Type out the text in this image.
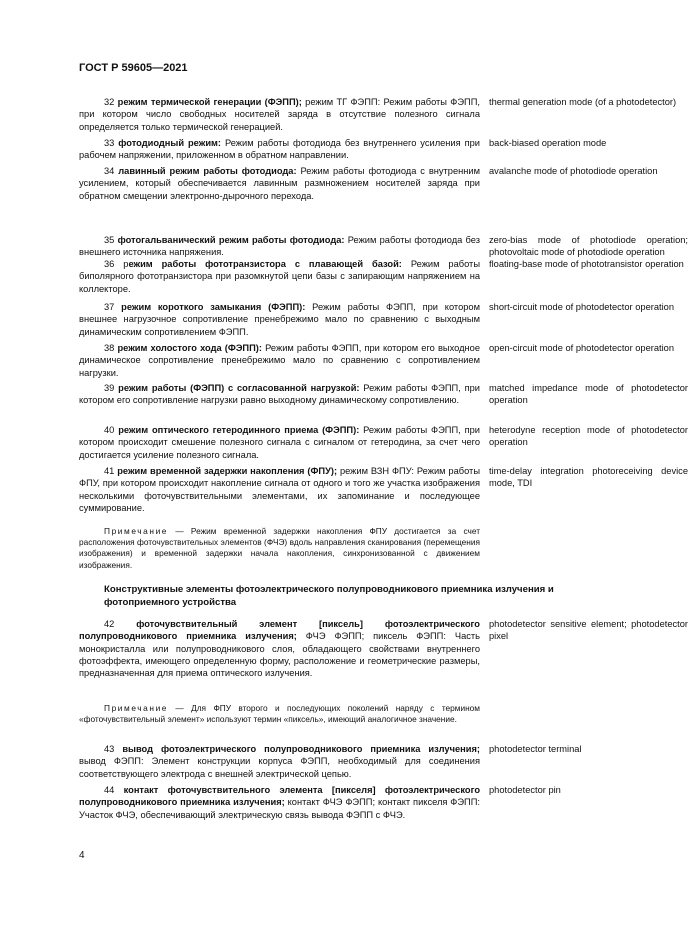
ГОСТ Р 59605—2021

32 режим термической генерации (ФЭПП); режим ТГ ФЭПП: Режим работы ФЭПП, при котором число свободных носителей заряда в отсутствие полезного сигнала определяется только термической генерацией.

thermal generation mode (of a photodetector)

33 фотодиодный режим: Режим работы фотодиода без внутреннего усиления при рабочем напряжении, приложенном в обратном направлении.

back-biased operation mode

34 лавинный режим работы фотодиода: Режим работы фотодиода с внутренним усилением, который обеспечивается лавинным размножением носителей заряда при обратном смещении электронно-дырочного перехода.

avalanche mode of photodiode operation

35 фотогальванический режим работы фотодиода: Режим работы фотодиода без внешнего источника напряжения.

zero-bias mode of photodiode operation; photovoltaic mode of photodiode operation

36 режим работы фототранзистора с плавающей базой: Режим работы биполярного фототранзистора при разомкнутой цепи базы с запирающим напряжением на коллекторе.

floating-base mode of phototransistor operation

37 режим короткого замыкания (ФЭПП): Режим работы ФЭПП, при котором внешнее нагрузочное сопротивление пренебрежимо мало по сравнению с выходным динамическим сопротивлением ФЭПП.

short-circuit mode of photodetector operation

38 режим холостого хода (ФЭПП): Режим работы ФЭПП, при котором его выходное динамическое сопротивление пренебрежимо мало по сравнению с сопротивлением нагрузки.

open-circuit mode of photodetector operation

39 режим работы (ФЭПП) с согласованной нагрузкой: Режим работы ФЭПП, при котором его сопротивление нагрузки равно выходному динамическому сопротивлению.

matched impedance mode of photodetector operation

40 режим оптического гетеродинного приема (ФЭПП): Режим работы ФЭПП, при котором происходит смешение полезного сигнала с сигналом от гетеродина, за счет чего достигается усиление полезного сигнала.

heterodyne reception mode of photodetector operation

41 режим временной задержки накопления (ФПУ); режим ВЗН ФПУ: Режим работы ФПУ, при котором происходит накопление сигнала от одного и того же участка изображения несколькими фоточувствительными элементами, их запоминание и последующее суммирование.

time-delay integration photoreceiving device mode, TDI

Примечание — Режим временной задержки накопления ФПУ достигается за счет расположения фоточувствительных элементов (ФЧЭ) вдоль направления сканирования (перемещения изображения) и временной задержки начала накопления, синхронизованной с движением изображения.

Конструктивные элементы фотоэлектрического полупроводникового приемника излучения и фотоприемного устройства

42 фоточувствительный элемент [пиксель] фотоэлектрического полупроводникового приемника излучения; ФЧЭ ФЭПП; пиксель ФЭПП: Часть монокристалла или полупроводникового слоя, обладающего свойствами внутреннего фотоэффекта, имеющего определенную форму, расположение и геометрические размеры, предназначенная для приема оптического излучения.

photodetector sensitive element; photodetector pixel

Примечание — Для ФПУ второго и последующих поколений наряду с термином «фоточувствительный элемент» используют термин «пиксель», имеющий аналогичное значение.

43 вывод фотоэлектрического полупроводникового приемника излучения; вывод ФЭПП: Элемент конструкции корпуса ФЭПП, необходимый для соединения соответствующего электрода с внешней электрической цепью.

photodetector terminal

44 контакт фоточувствительного элемента [пикселя] фотоэлектрического полупроводникового приемника излучения; контакт ФЧЭ ФЭПП; контакт пикселя ФЭПП: Участок ФЧЭ, обеспечивающий электрическую связь вывода ФЭПП с ФЧЭ.

photodetector pin

4
